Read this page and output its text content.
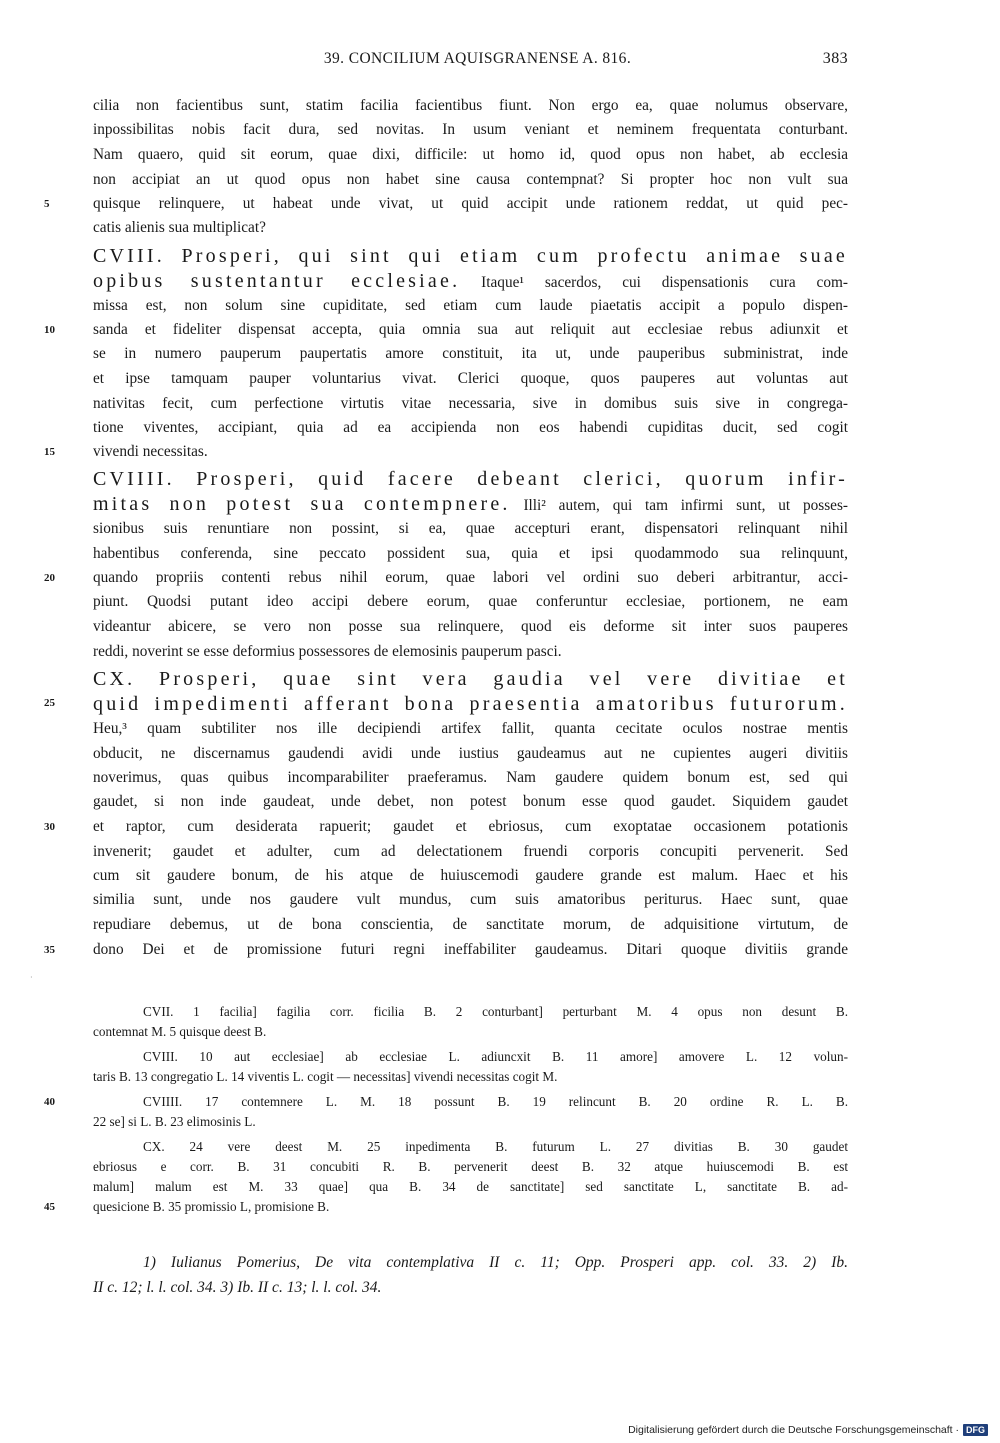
39. CONCILIUM AQUISGRANENSE A. 816.	383
cilia non facientibus sunt, statim facilia facientibus fiunt. Non ergo ea, quae nolumus observare,
inpossibilitas nobis facit dura, sed novitas. In usum veniant et neminem frequentata conturbant.
Nam quaero, quid sit eorum, quae dixi, difficile: ut homo id, quod opus non habet, ab ecclesia
non accipiat an ut quod opus non habet sine causa contempnat? Si propter hoc non vult sua
5	quisque relinquere, ut habeat unde vivat, ut quid accipit unde rationem reddat, ut quid pec-
catis alienis sua multiplicat?
CVIII. Prosperi, qui sint qui etiam cum profectu animae suae
opibus sustentantur ecclesiae. Itaque¹ sacerdos, cui dispensationis cura com-
missa est, non solum sine cupiditate, sed etiam cum laude piaetatis accipit a populo dispen-
10	sanda et fideliter dispensat accepta, quia omnia sua aut reliquit aut ecclesiae rebus adiunxit et
se in numero pauperum paupertatis amore constituit, ita ut, unde pauperibus subministrat, inde
et ipse tamquam pauper voluntarius vivat. Clerici quoque, quos pauperes aut voluntas aut
nativitas fecit, cum perfectione virtutis vitae necessaria, sive in domibus suis sive in congrega-
tione viventes, accipiant, quia ad ea accipienda non eos habendi cupiditas ducit, sed cogit
15	vivendi necessitas.
CVIIII. Prosperi, quid facere debeant clerici, quorum infir-
mitas non potest sua contempnere. Illi² autem, qui tam infirmi sunt, ut posses-
sionibus suis renuntiare non possint, si ea, quae accepturi erant, dispensatori relinquant nihil
habentibus conferenda, sine peccato possident sua, quia et ipsi quodammodo sua relinquunt,
20	quando propriis contenti rebus nihil eorum, quae labori vel ordini suo deberi arbitrantur, acci-
piunt. Quodsi putant ideo accipi debere eorum, quae conferuntur ecclesiae, portionem, ne eam
videantur abicere, se vero non posse sua relinquere, quod eis deforme sit inter suos pauperes
reddi, noverint se esse deformius possessores de elemosinis pauperum pasci.
CX. Prosperi, quae sint vera gaudia vel vere divitiae et
25	quid impedimenti afferant bona praesentia amatoribus futurorum.
Heu,³ quam subtiliter nos ille decipiendi artifex fallit, quanta cecitate oculos nostrae mentis
obducit, ne discernamus gaudendi avidi unde iustius gaudeamus aut ne cupientes augeri divitiis
noverimus, quas quibus incomparabiliter praeferamus. Nam gaudere quidem bonum est, sed qui
gaudet, si non inde gaudeat, unde debet, non potest bonum esse quod gaudet. Siquidem gaudet
30	et raptor, cum desiderata rapuerit; gaudet et ebriosus, cum exoptatae occasionem potationis
invenerit; gaudet et adulter, cum ad delectationem fruendi corporis concupiti pervenerit. Sed
cum sit gaudere bonum, de his atque de huiuscemodi gaudere grande est malum. Haec et his
similia sunt, unde nos gaudere vult mundus, cum suis amatoribus periturus. Haec sunt, quae
repudiare debemus, ut de bona conscientia, de sanctitate morum, de adquisitione virtutum, de
35	dono Dei et de promissione futuri regni ineffabiliter gaudeamus. Ditari quoque divitiis grande
·
CVII. 1 facilia] fagilia corr. ficilia B. 2 conturbant] perturbant M. 4 opus non desunt B.
contemnat M. 5 quisque deest B.
CVIII. 10 aut ecclesiae] ab ecclesiae L. adiuncxit B. 11 amore] amovere L. 12 volun-
taris B. 13 congregatio L. 14 viventis L. cogit — necessitas] vivendi necessitas cogit M.
40	CVIIII. 17 contemnere L. M. 18 possunt B. 19 relincunt B. 20 ordine R. L. B.
22 se] si L. B. 23 elimosinis L.
CX. 24 vere deest M. 25 inpedimenta B. futurum L. 27 divitias B. 30 gaudet
ebriosus e corr. B. 31 concubiti R. B. pervenerit deest B. 32 atque huiuscemodi B. est
malum] malum est M. 33 quae] qua B. 34 de sanctitate] sed sanctitate L, sanctitate B. ad-
45	quesicione B. 35 promissio L, promisione B.
1) Iulianus Pomerius, De vita contemplativa II c. 11; Opp. Prosperi app. col. 33. 2) Ib.
II c. 12; l. l. col. 34. 3) Ib. II c. 13; l. l. col. 34.
Digitalisierung gefördert durch die Deutsche Forschungsgemeinschaft · DFG
